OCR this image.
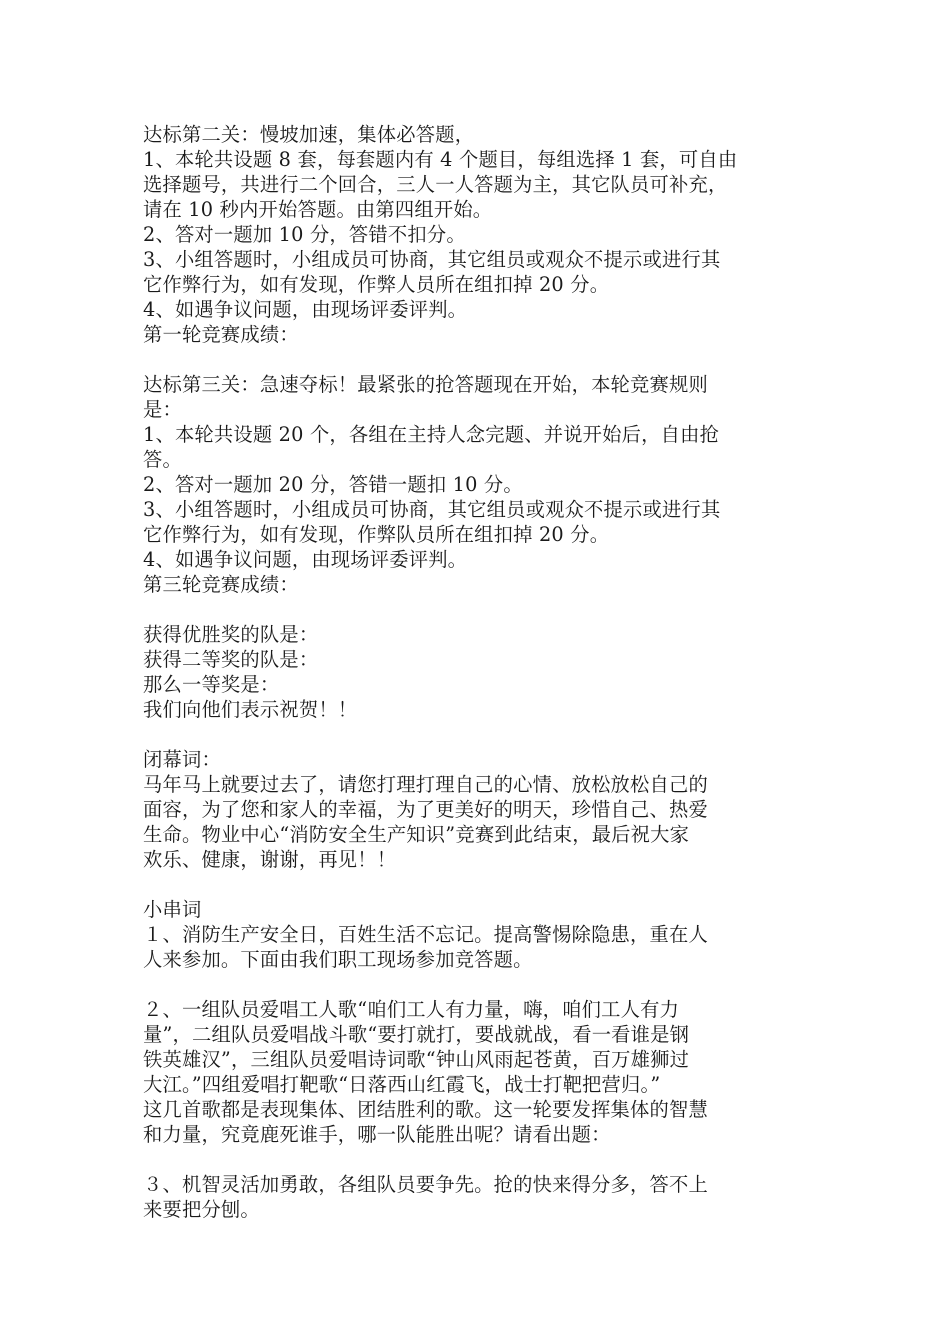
达标第二关：慢坡加速，集体必答题，
1、本轮共设题 8 套，每套题内有 4 个题目，每组选择 1 套，可自由
选择题号，共进行二个回合，三人一人答题为主，其它队员可补充，
请在 10 秒内开始答题。由第四组开始。
2、答对一题加 10 分，答错不扣分。
3、小组答题时，小组成员可协商，其它组员或观众不提示或进行其
它作弊行为，如有发现，作弊人员所在组扣掉 20 分。
4、如遇争议问题，由现场评委评判。
第一轮竞赛成绩：
达标第三关：急速夺标！最紧张的抢答题现在开始，本轮竞赛规则
是：
1、本轮共设题 20 个，各组在主持人念完题、并说开始后，自由抢
答。
2、答对一题加 20 分，答错一题扣 10 分。
3、小组答题时，小组成员可协商，其它组员或观众不提示或进行其
它作弊行为，如有发现，作弊队员所在组扣掉 20 分。
4、如遇争议问题，由现场评委评判。
第三轮竞赛成绩：
获得优胜奖的队是：
获得二等奖的队是：
那么一等奖是：
我们向他们表示祝贺！！
闭幕词：
马年马上就要过去了，请您打理打理自己的心情、放松放松自己的
面容，为了您和家人的幸福，为了更美好的明天，珍惜自己、热爱
生命。物业中心“消防安全生产知识”竞赛到此结束，最后祝大家
欢乐、健康，谢谢，再见！！
小串词
１、消防生产安全日，百姓生活不忘记。提高警惕除隐患，重在人
人来参加。下面由我们职工现场参加竞答题。
２、一组队员爱唱工人歌“咱们工人有力量，嗨，咱们工人有力
量”，二组队员爱唱战斗歌“要打就打，要战就战，看一看谁是钢
铁英雄汉”，三组队员爱唱诗词歌“钟山风雨起苍黄，百万雄狮过
大江。”四组爱唱打靶歌“日落西山红霞飞，战士打靶把营归。”
这几首歌都是表现集体、团结胜利的歌。这一轮要发挥集体的智慧
和力量，究竟鹿死谁手，哪一队能胜出呢？请看出题：
３、机智灵活加勇敢，各组队员要争先。抢的快来得分多，答不上
来要把分刨。
